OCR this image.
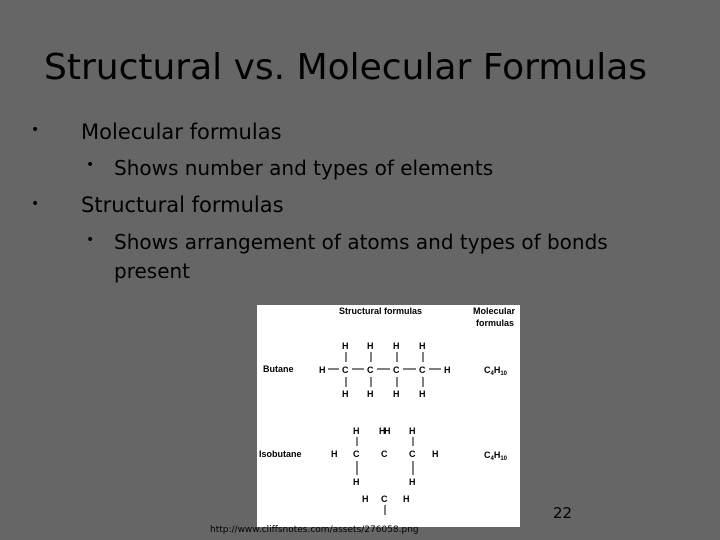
Structural vs. Molecular Formulas
• Molecular formulas
• Shows number and types of elements
• Structural formulas
• Shows arrangement of atoms and types of bonds
present
Structural formulas	Molecular
formulas
Butane
H H H H
H C C C C H
H H H H
$C_4H_{10}$
Isobutane
H H
H H
H C C C H
H	H
H C H
$C_4H_{10}$
http://www.cliffsnotes.com/assets/276058.png
22
